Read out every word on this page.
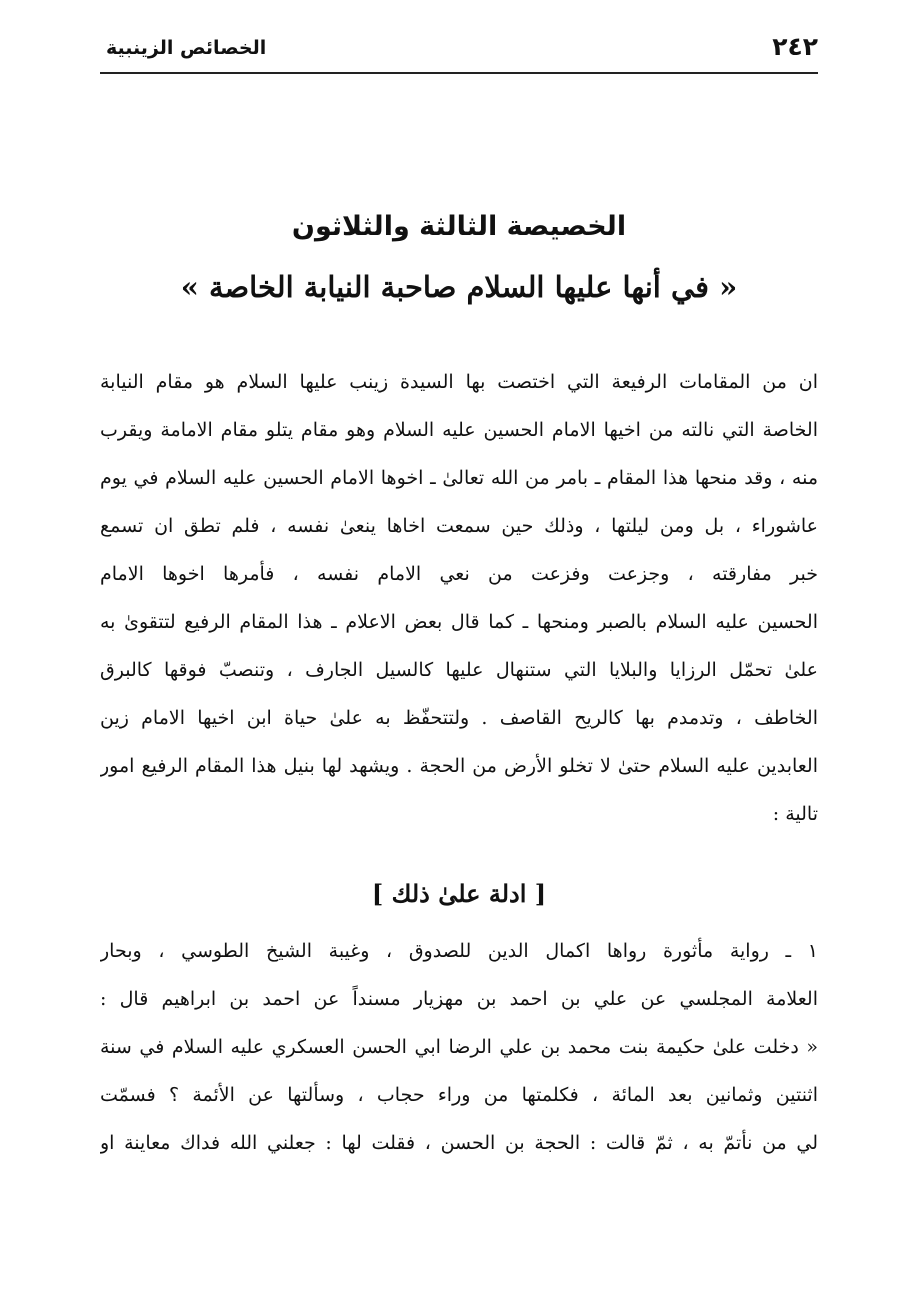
٢٤٢
الخصائص الزينبية
الخصيصة الثالثة والثلاثون
« في أنها عليها السلام صاحبة النيابة الخاصة »
ان من المقامات الرفيعة التي اختصت بها السيدة زينب عليها السلام هو مقام النيابة
الخاصة التي نالته من اخيها الامام الحسين عليه السلام وهو مقام يتلو مقام الامامة ويقرب
منه ، وقد منحها هذا المقام ـ بامر من الله تعالىٰ ـ اخوها الامام الحسين عليه السلام في يوم
عاشوراء ، بل ومن ليلتها ، وذلك حين سمعت اخاها ينعىٰ نفسه ، فلم تطق ان تسمع
خبر مفارقته ، وجزعت وفزعت من نعي الامام نفسه ، فأمرها اخوها الامام
الحسين عليه السلام بالصبر ومنحها ـ كما قال بعض الاعلام ـ هذا المقام الرفيع لتتقوىٰ به
علىٰ تحمّل الرزايا والبلايا التي ستنهال عليها كالسيل الجارف ، وتنصبّ فوقها كالبرق
الخاطف ، وتدمدم بها كالريح القاصف . ولتتحفّظ به علىٰ حياة ابن اخيها الامام زين
العابدين عليه السلام حتىٰ لا تخلو الأرض من الحجة . ويشهد لها بنيل هذا المقام الرفيع امور
تالية :
[ ادلة علىٰ ذلك ]
١ ـ رواية مأثورة رواها اكمال الدين للصدوق ، وغيبة الشيخ الطوسي ، وبحار
العلامة المجلسي عن علي بن احمد بن مهزيار مسنداً عن احمد بن ابراهيم قال :
« دخلت علىٰ حكيمة بنت محمد بن علي الرضا ابي الحسن العسكري عليه السلام في سنة
اثنتين وثمانين بعد المائة ، فكلمتها من وراء حجاب ، وسألتها عن الأئمة ؟ فسمّت
لي من نأتمّ به ، ثمّ قالت : الحجة بن الحسن ، فقلت لها : جعلني الله فداك معاينة او
